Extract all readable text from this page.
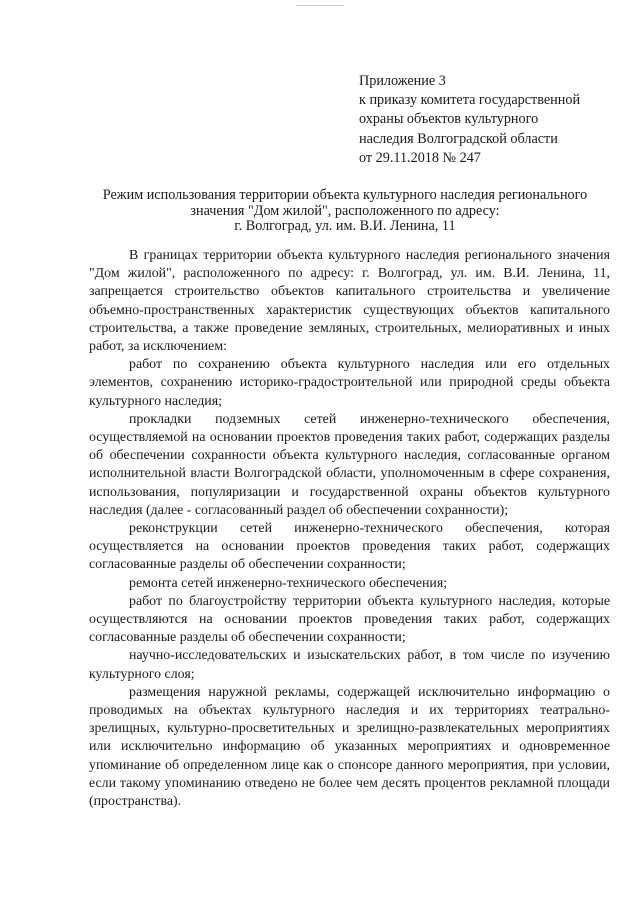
Приложение 3
к приказу комитета государственной
охраны объектов культурного
наследия Волгоградской области
от 29.11.2018 № 247
Режим использования территории объекта культурного наследия регионального
значения "Дом жилой", расположенного по адресу:
г. Волгоград, ул. им. В.И. Ленина, 11

В границах территории объекта культурного наследия регионального значения "Дом жилой", расположенного по адресу: г. Волгоград, ул. им. В.И. Ленина, 11, запрещается строительство объектов капитального строительства и увеличение объемно-пространственных характеристик существующих объектов капитального строительства, а также проведение земляных, строительных, мелиоративных и иных работ, за исключением:

работ по сохранению объекта культурного наследия или его отдельных элементов, сохранению историко-градостроительной или природной среды объекта культурного наследия;

прокладки подземных сетей инженерно-технического обеспечения, осуществляемой на основании проектов проведения таких работ, содержащих разделы об обеспечении сохранности объекта культурного наследия, согласованные органом исполнительной власти Волгоградской области, уполномоченным в сфере сохранения, использования, популяризации и государственной охраны объектов культурного наследия (далее - согласованный раздел об обеспечении сохранности);

реконструкции сетей инженерно-технического обеспечения, которая осуществляется на основании проектов проведения таких работ, содержащих согласованные разделы об обеспечении сохранности;

ремонта сетей инженерно-технического обеспечения;

работ по благоустройству территории объекта культурного наследия, которые осуществляются на основании проектов проведения таких работ, содержащих согласованные разделы об обеспечении сохранности;

научно-исследовательских и изыскательских работ, в том числе по изучению культурного слоя;

размещения наружной рекламы, содержащей исключительно информацию о проводимых на объектах культурного наследия и их территориях театрально-зрелищных, культурно-просветительных и зрелищно-развлекательных мероприятиях или исключительно информацию об указанных мероприятиях и одновременное упоминание об определенном лице как о спонсоре данного мероприятия, при условии, если такому упоминанию отведено не более чем десять процентов рекламной площади (пространства).
